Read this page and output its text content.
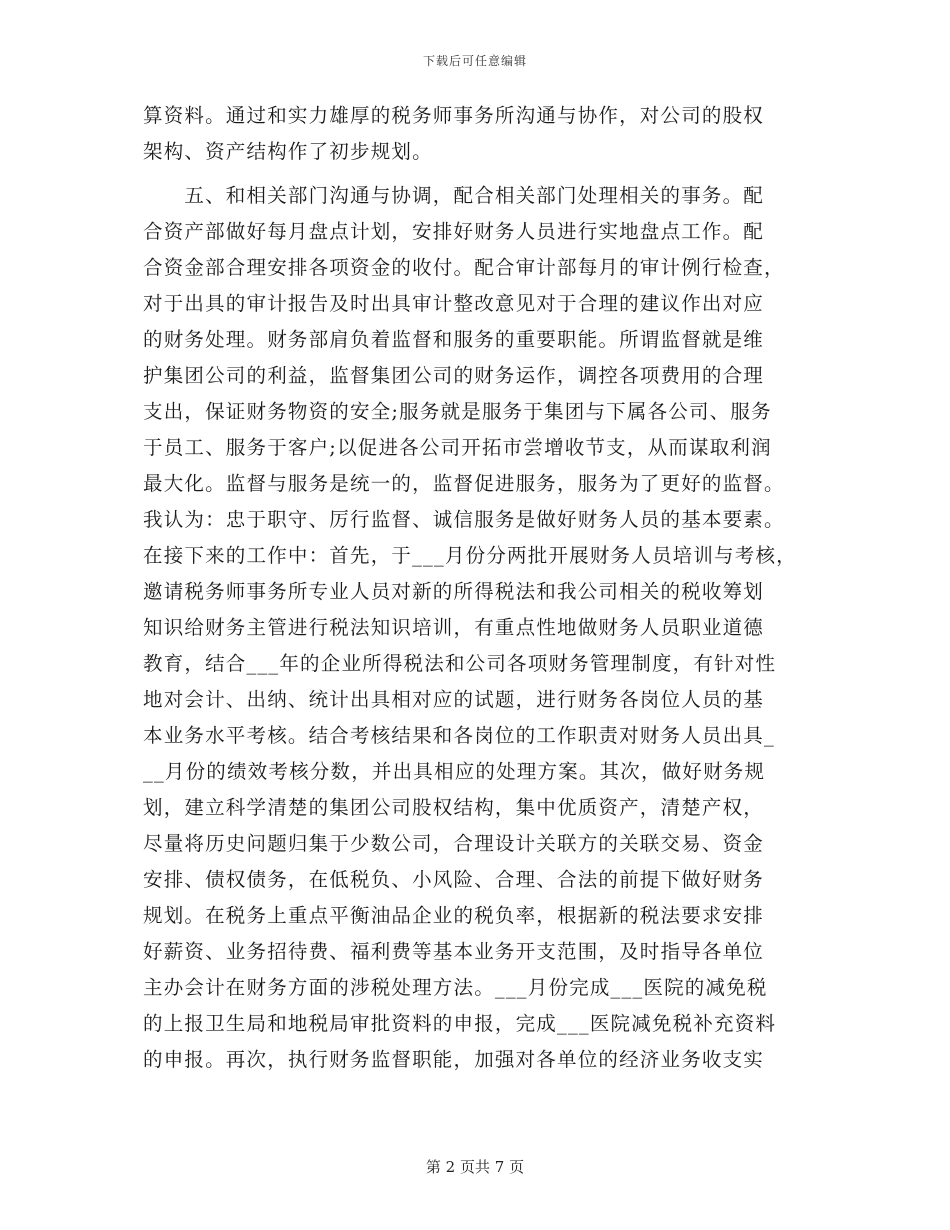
下载后可任意编辑
算资料。通过和实力雄厚的税务师事务所沟通与协作，对公司的股权
架构、资产结构作了初步规划。
　　五、和相关部门沟通与协调，配合相关部门处理相关的事务。配
合资产部做好每月盘点计划，安排好财务人员进行实地盘点工作。配
合资金部合理安排各项资金的收付。配合审计部每月的审计例行检查，
对于出具的审计报告及时出具审计整改意见对于合理的建议作出对应
的财务处理。财务部肩负着监督和服务的重要职能。所谓监督就是维
护集团公司的利益，监督集团公司的财务运作，调控各项费用的合理
支出，保证财务物资的安全;服务就是服务于集团与下属各公司、服务
于员工、服务于客户;以促进各公司开拓市尝增收节支，从而谋取利润
最大化。监督与服务是统一的，监督促进服务，服务为了更好的监督。
我认为：忠于职守、厉行监督、诚信服务是做好财务人员的基本要素。
在接下来的工作中：首先，于___月份分两批开展财务人员培训与考核，
邀请税务师事务所专业人员对新的所得税法和我公司相关的税收筹划
知识给财务主管进行税法知识培训，有重点性地做财务人员职业道德
教育，结合___年的企业所得税法和公司各项财务管理制度，有针对性
地对会计、出纳、统计出具相对应的试题，进行财务各岗位人员的基
本业务水平考核。结合考核结果和各岗位的工作职责对财务人员出具_
__月份的绩效考核分数，并出具相应的处理方案。其次，做好财务规
划，建立科学清楚的集团公司股权结构，集中优质资产，清楚产权，
尽量将历史问题归集于少数公司，合理设计关联方的关联交易、资金
安排、债权债务，在低税负、小风险、合理、合法的前提下做好财务
规划。在税务上重点平衡油品企业的税负率，根据新的税法要求安排
好薪资、业务招待费、福利费等基本业务开支范围，及时指导各单位
主办会计在财务方面的涉税处理方法。___月份完成___医院的减免税
的上报卫生局和地税局审批资料的申报，完成___医院减免税补充资料
的申报。再次，执行财务监督职能，加强对各单位的经济业务收支实
第 2 页共 7 页
